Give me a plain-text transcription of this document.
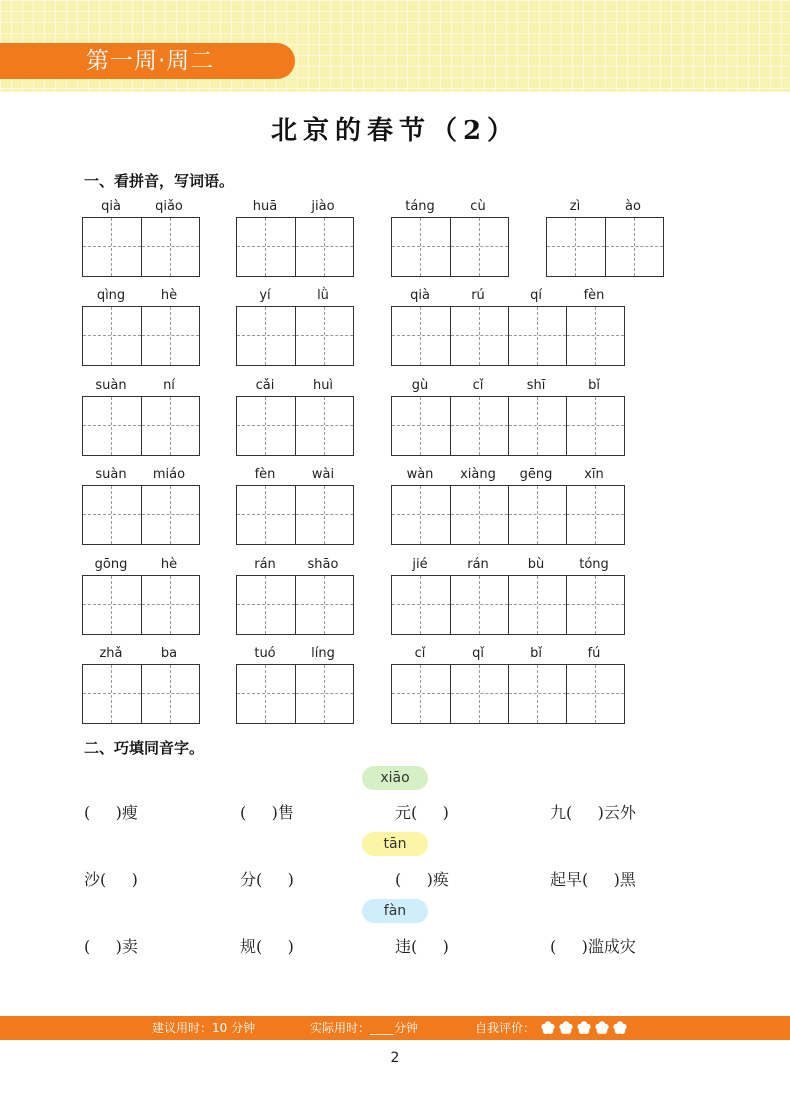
第一周·周二
北京的春节（2）
一、看拼音，写词语。
qià	qiǎo	huā	jiào	táng	cù	zì	ào
qìng	hè	yí	lǜ	qià	rú	qí	fèn
suàn	ní	cǎi	huì	gù	cǐ	shī	bǐ
suàn	miáo	fèn	wài	wàn	xiàng	gēng	xīn
gōng	hè	rán	shāo	jié	rán	bù	tóng
zhǎ	ba	tuó	líng	cǐ	qǐ	bǐ	fú
二、巧填同音字。
xiāo
(     )瘦	(     )售	元(     )	九(     )云外
tān
沙(     )	分(     )	(     )痪	起早(     )黑
fàn
(     )卖	规(     )	违(     )	(     )滥成灾
建议用时：10 分钟	实际用时：____分钟	自我评价：
2
